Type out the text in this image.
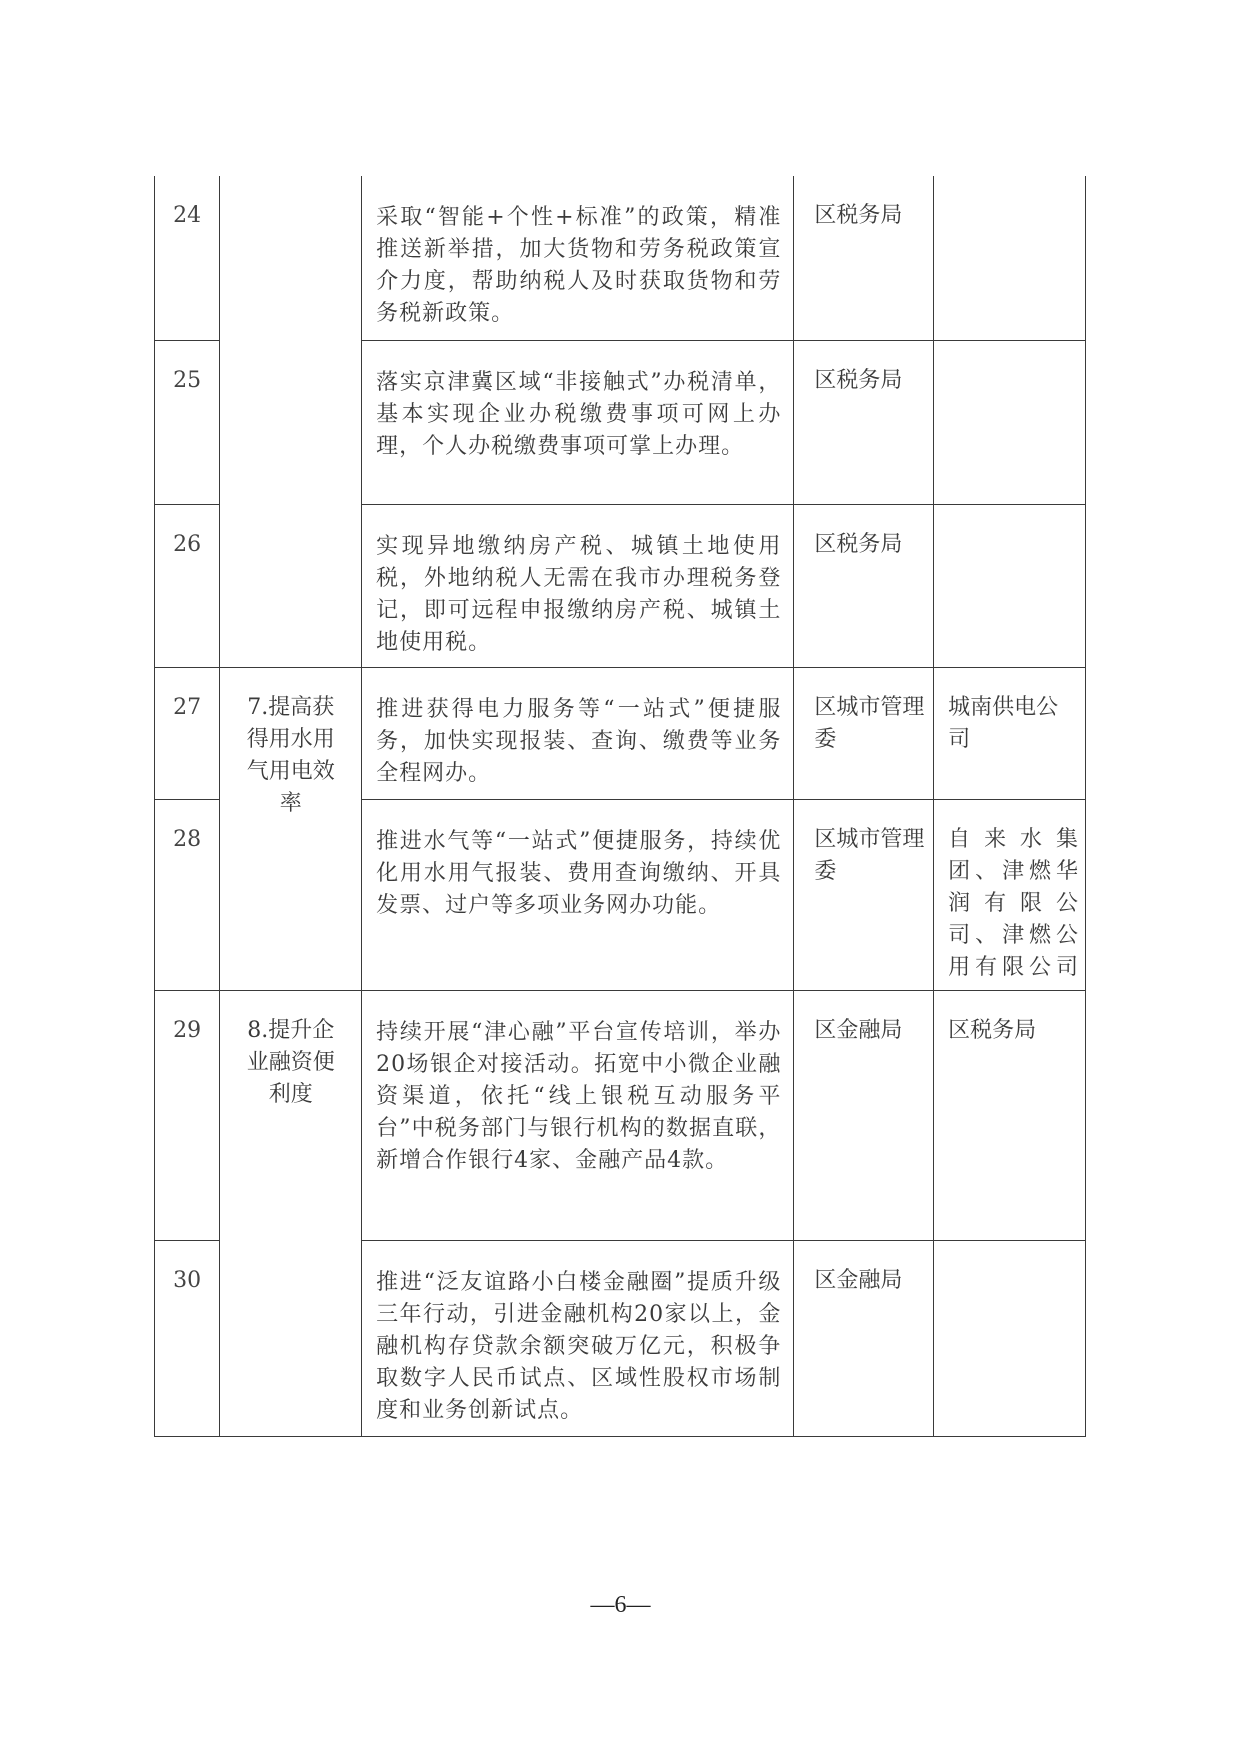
24		采取“智能+个性+标准”的政策，精准推送新举措，加大货物和劳务税政策宣介力度，帮助纳税人及时获取货物和劳务税新政策。	区税务局	
25		落实京津冀区域“非接触式”办税清单，基本实现企业办税缴费事项可网上办理，个人办税缴费事项可掌上办理。	区税务局	
26		实现异地缴纳房产税、城镇土地使用税，外地纳税人无需在我市办理税务登记，即可远程申报缴纳房产税、城镇土地使用税。	区税务局	
27	7.提高获得用水用气用电效率	推进获得电力服务等“一站式”便捷服务，加快实现报装、查询、缴费等业务全程网办。	区城市管理委	城南供电公司
28		推进水气等“一站式”便捷服务，持续优化用水用气报装、费用查询缴纳、开具发票、过户等多项业务网办功能。	区城市管理委	自来水集团、津燃华润有限公司、津燃公用有限公司
29	8.提升企业融资便利度	持续开展“津心融”平台宣传培训，举办20场银企对接活动。拓宽中小微企业融资渠道，依托“线上银税互动服务平台”中税务部门与银行机构的数据直联，新增合作银行4家、金融产品4款。	区金融局	区税务局
30		推进“泛友谊路小白楼金融圈”提质升级三年行动，引进金融机构20家以上，金融机构存贷款余额突破万亿元，积极争取数字人民币试点、区域性股权市场制度和业务创新试点。	区金融局	
—6—
